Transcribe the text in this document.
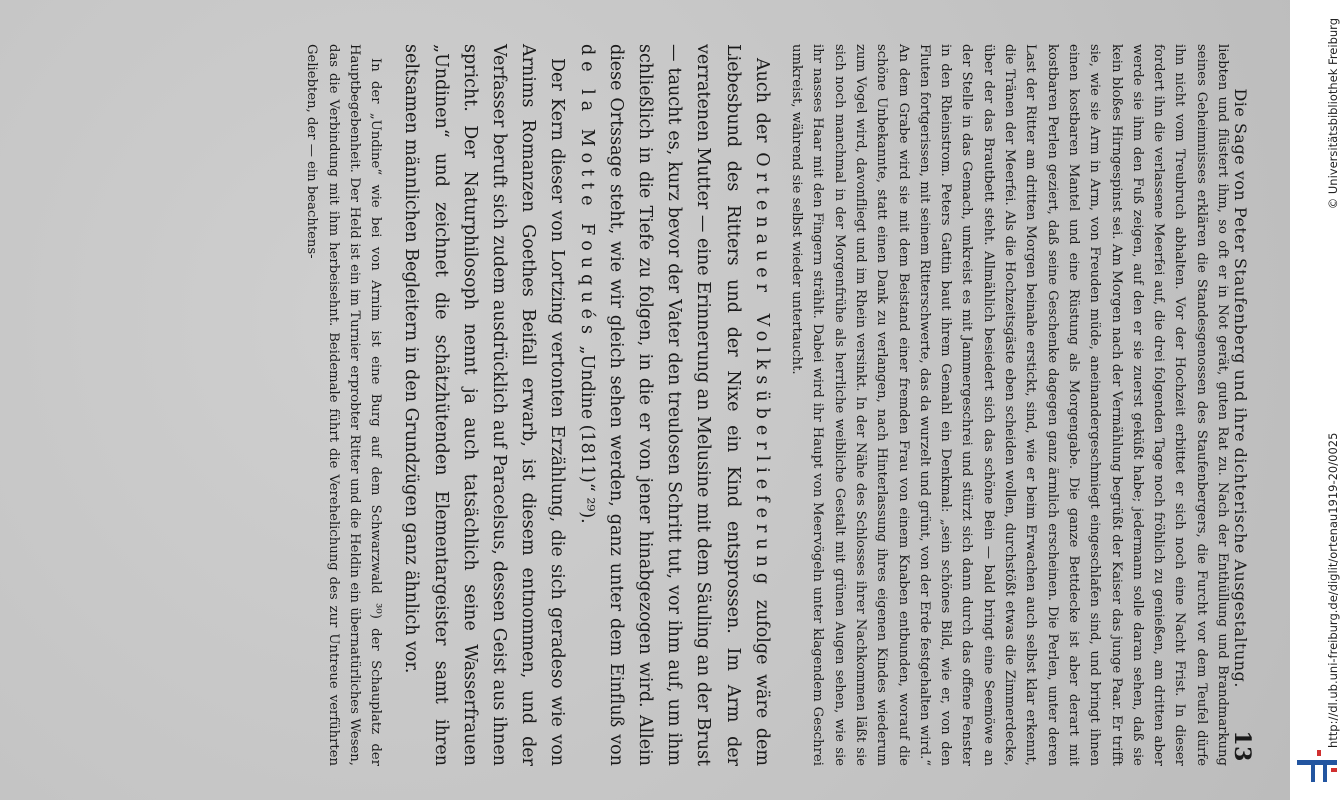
Die Sage von Peter Staufenberg und ihre dichterische Ausgestaltung.
13

liebten und flüstert ihm, so oft er in Not gerät, guten Rat zu. Nach der Enthüllung und Brandmarkung seines Geheimnisses erklären die Standesgenossen des Staufenbergers, die Furcht vor dem Teufel dürfe ihn nicht vom Treubruch abhalten. Vor der Hochzeit erbittet er sich noch eine Nacht Frist. In dieser fordert ihn die verlassene Meerfei auf, die drei folgenden Tage noch fröhlich zu genießen, am dritten aber werde sie ihm den Fuß zeigen, auf den er sie zuerst geküßt habe; jedermann solle daran sehen, daß sie kein bloßes Hirngespinst sei. Am Morgen nach der Vermählung begrüßt der Kaiser das junge Paar. Er trifft sie, wie sie Arm in Arm, von Freuden müde, aneinandergeschmiegt eingeschlafen sind, und bringt ihnen einen kostbaren Mantel und eine Rüstung als Morgengabe. Die ganze Bettdecke ist aber derart mit kostbaren Perlen geziert, daß seine Geschenke dagegen ganz ärmlich erscheinen. Die Perlen, unter deren Last der Ritter am dritten Morgen beinahe erstickt, sind, wie er beim Erwachen auch selbst klar erkennt, die Tränen der Meerfei. Als die Hochzeitsgäste eben scheiden wollen, durchstößt etwas die Zimmerdecke, über der das Brautbett steht. Allmählich besiedert sich das schöne Bein — bald bringt eine Seemöwe an der Stelle in das Gemach, umkreist es mit Jammergeschrei und stürzt sich dann durch das offene Fenster in den Rheinstrom. Peters Gattin baut ihrem Gemahl ein Denkmal: „sein schönes Bild, wie er, von den Fluten fortgerissen, mit seinem Ritterschwerte, das da wurzelt und grünt, von der Erde festgehalten wird.“ An dem Grabe wird sie mit dem Beistand einer fremden Frau von einem Knaben entbunden, worauf die schöne Unbekannte, statt einen Dank zu verlangen, nach Hinterlassung ihres eigenen Kindes wiederum zum Vogel wird, davonfliegt und im Rhein versinkt. In der Nähe des Schlosses ihrer Nachkommen läßt sie sich noch manchmal in der Morgenfrühe als herrliche weibliche Gestalt mit grünen Augen sehen, wie sie ihr nasses Haar mit den Fingern strählt. Dabei wird ihr Haupt von Meervögeln unter klagendem Geschrei umkreist, während sie selbst wieder untertaucht.

Auch der Ortenauer Volksüberlieferung zufolge wäre dem Liebesbund des Ritters und der Nixe ein Kind entsprossen. Im Arm der verratenen Mutter — eine Erinnerung an Melusine mit dem Säuling an der Brust — taucht es, kurz bevor der Vater den treulosen Schritt tut, vor ihm auf, um ihm schließlich in die Tiefe zu folgen, in die er von jener hinabgezogen wird. Allein diese Ortssage steht, wie wir gleich sehen werden, ganz unter dem Einfluß von de la Motte Fouqués „Undine (1811)“ ²⁹).

Der Kern dieser von Lortzing vertonten Erzählung, die sich geradeso wie von Arnims Romanzen Goethes Beifall erwarb, ist diesem entnommen, und der Verfasser beruft sich zudem ausdrücklich auf Paracelsus, dessen Geist aus ihnen spricht. Der Naturphilosoph nennt ja auch tatsächlich seine Wasserfrauen „Undinen“ und zeichnet die schätzhütenden Elementargeister samt ihren seltsamen männlichen Begleitern in den Grundzügen ganz ähnlich vor.

In der „Undine“ wie bei von Arnim ist eine Burg auf dem Schwarzwald ³⁰) der Schauplatz der Hauptbegebenheit. Der Held ist ein im Turnier erprobter Ritter und die Heldin ein übernatürliches Wesen, das die Verbindung mit ihm herbeisehnt. Beidemale führt die Verehelichung des zur Untreue verführten Geliebten, der — ein beachtens-

http://dl.ub.uni-freiburg.de/diglit/ortenau1919-20/0025
© Universitätsbibliothek Freiburg
